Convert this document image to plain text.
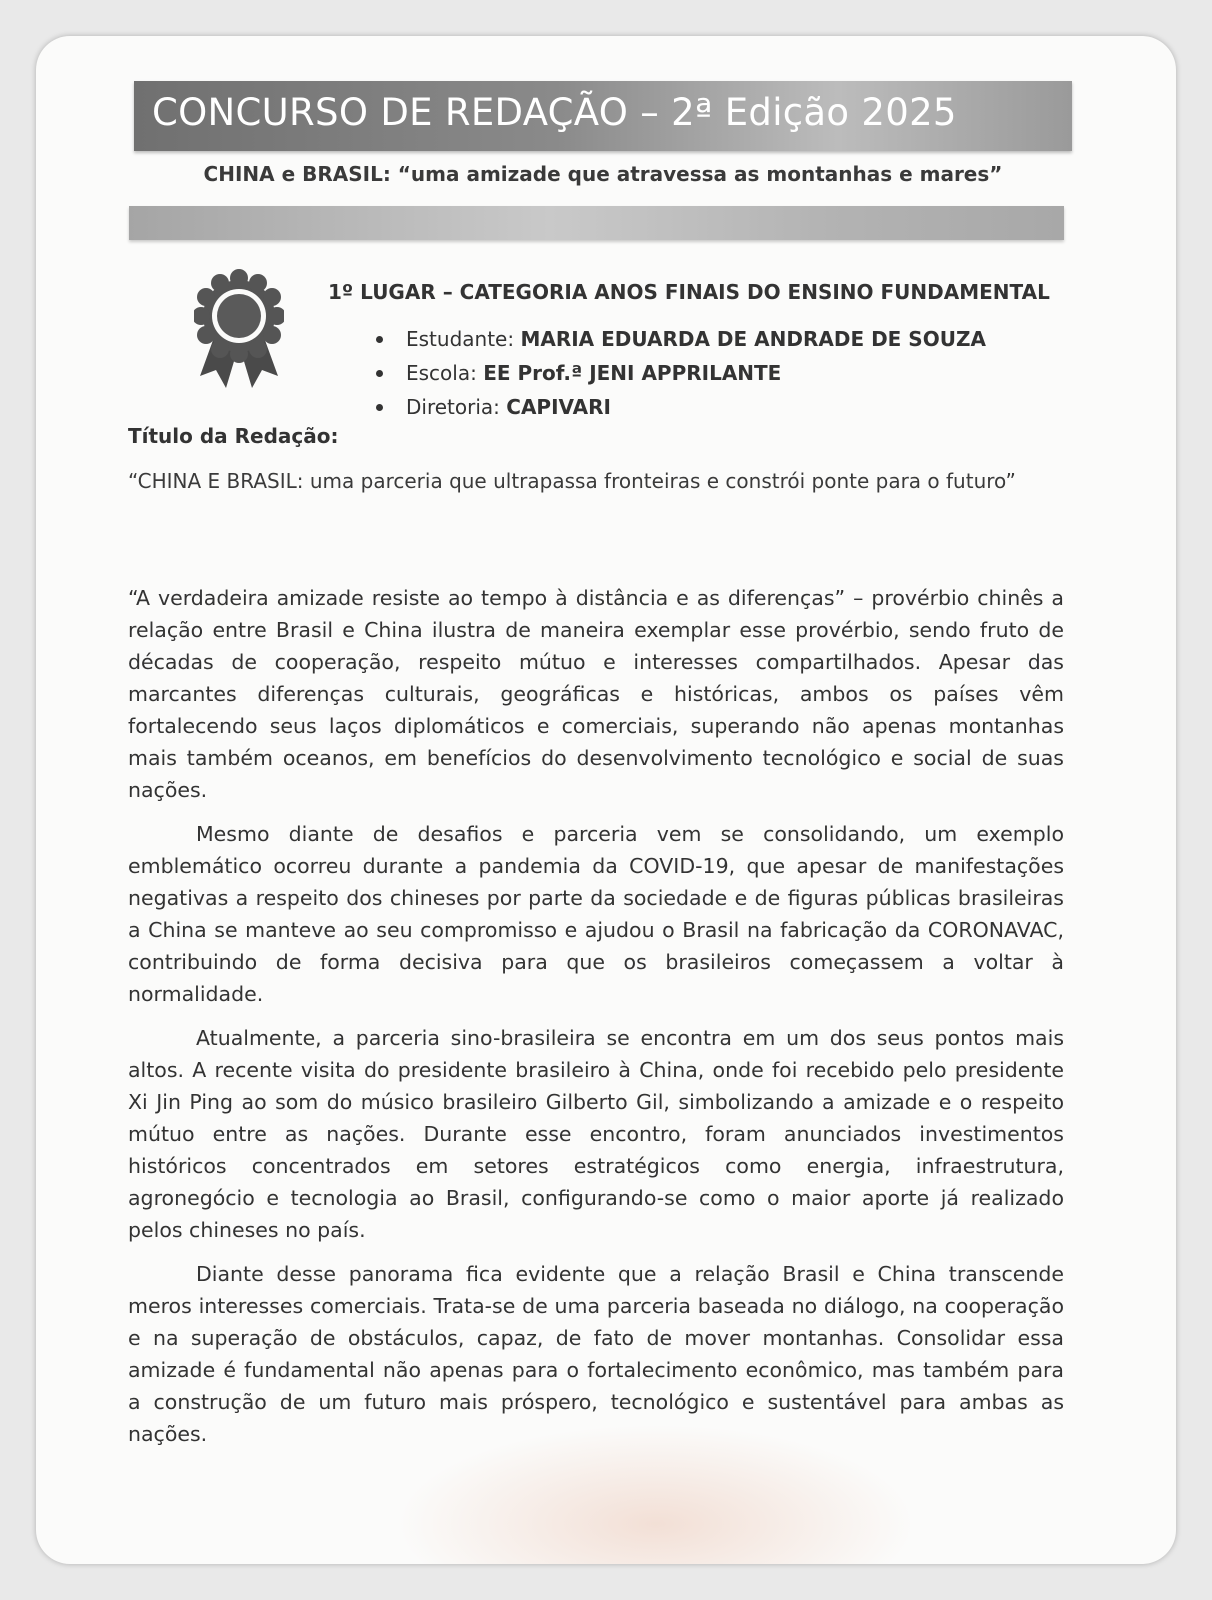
CONCURSO DE REDAÇÃO – 2ª Edição 2025
CHINA e BRASIL: “uma amizade que atravessa as montanhas e mares”
1º LUGAR – CATEGORIA ANOS FINAIS DO ENSINO FUNDAMENTAL
Estudante: MARIA EDUARDA DE ANDRADE DE SOUZA
Escola: EE Prof.ª JENI APPRILANTE
Diretoria: CAPIVARI
Título da Redação:
“CHINA E BRASIL: uma parceria que ultrapassa fronteiras e constrói ponte para o futuro”

“A verdadeira amizade resiste ao tempo à distância e as diferenças” – provérbio chinês a relação entre Brasil e China ilustra de maneira exemplar esse provérbio, sendo fruto de décadas de cooperação, respeito mútuo e interesses compartilhados. Apesar das marcantes diferenças culturais, geográficas e históricas, ambos os países vêm fortalecendo seus laços diplomáticos e comerciais, superando não apenas montanhas mais também oceanos, em benefícios do desenvolvimento tecnológico e social de suas nações.

Mesmo diante de desafios e parceria vem se consolidando, um exemplo emblemático ocorreu durante a pandemia da COVID-19, que apesar de manifestações negativas a respeito dos chineses por parte da sociedade e de figuras públicas brasileiras a China se manteve ao seu compromisso e ajudou o Brasil na fabricação da CORONAVAC, contribuindo de forma decisiva para que os brasileiros começassem a voltar à normalidade.

Atualmente, a parceria sino-brasileira se encontra em um dos seus pontos mais altos. A recente visita do presidente brasileiro à China, onde foi recebido pelo presidente Xi Jin Ping ao som do músico brasileiro Gilberto Gil, simbolizando a amizade e o respeito mútuo entre as nações. Durante esse encontro, foram anunciados investimentos históricos concentrados em setores estratégicos como energia, infraestrutura, agronegócio e tecnologia ao Brasil, configurando-se como o maior aporte já realizado pelos chineses no país.

Diante desse panorama fica evidente que a relação Brasil e China transcende meros interesses comerciais. Trata-se de uma parceria baseada no diálogo, na cooperação e na superação de obstáculos, capaz, de fato de mover montanhas. Consolidar essa amizade é fundamental não apenas para o fortalecimento econômico, mas também para a construção de um futuro mais próspero, tecnológico e sustentável para ambas as nações.
